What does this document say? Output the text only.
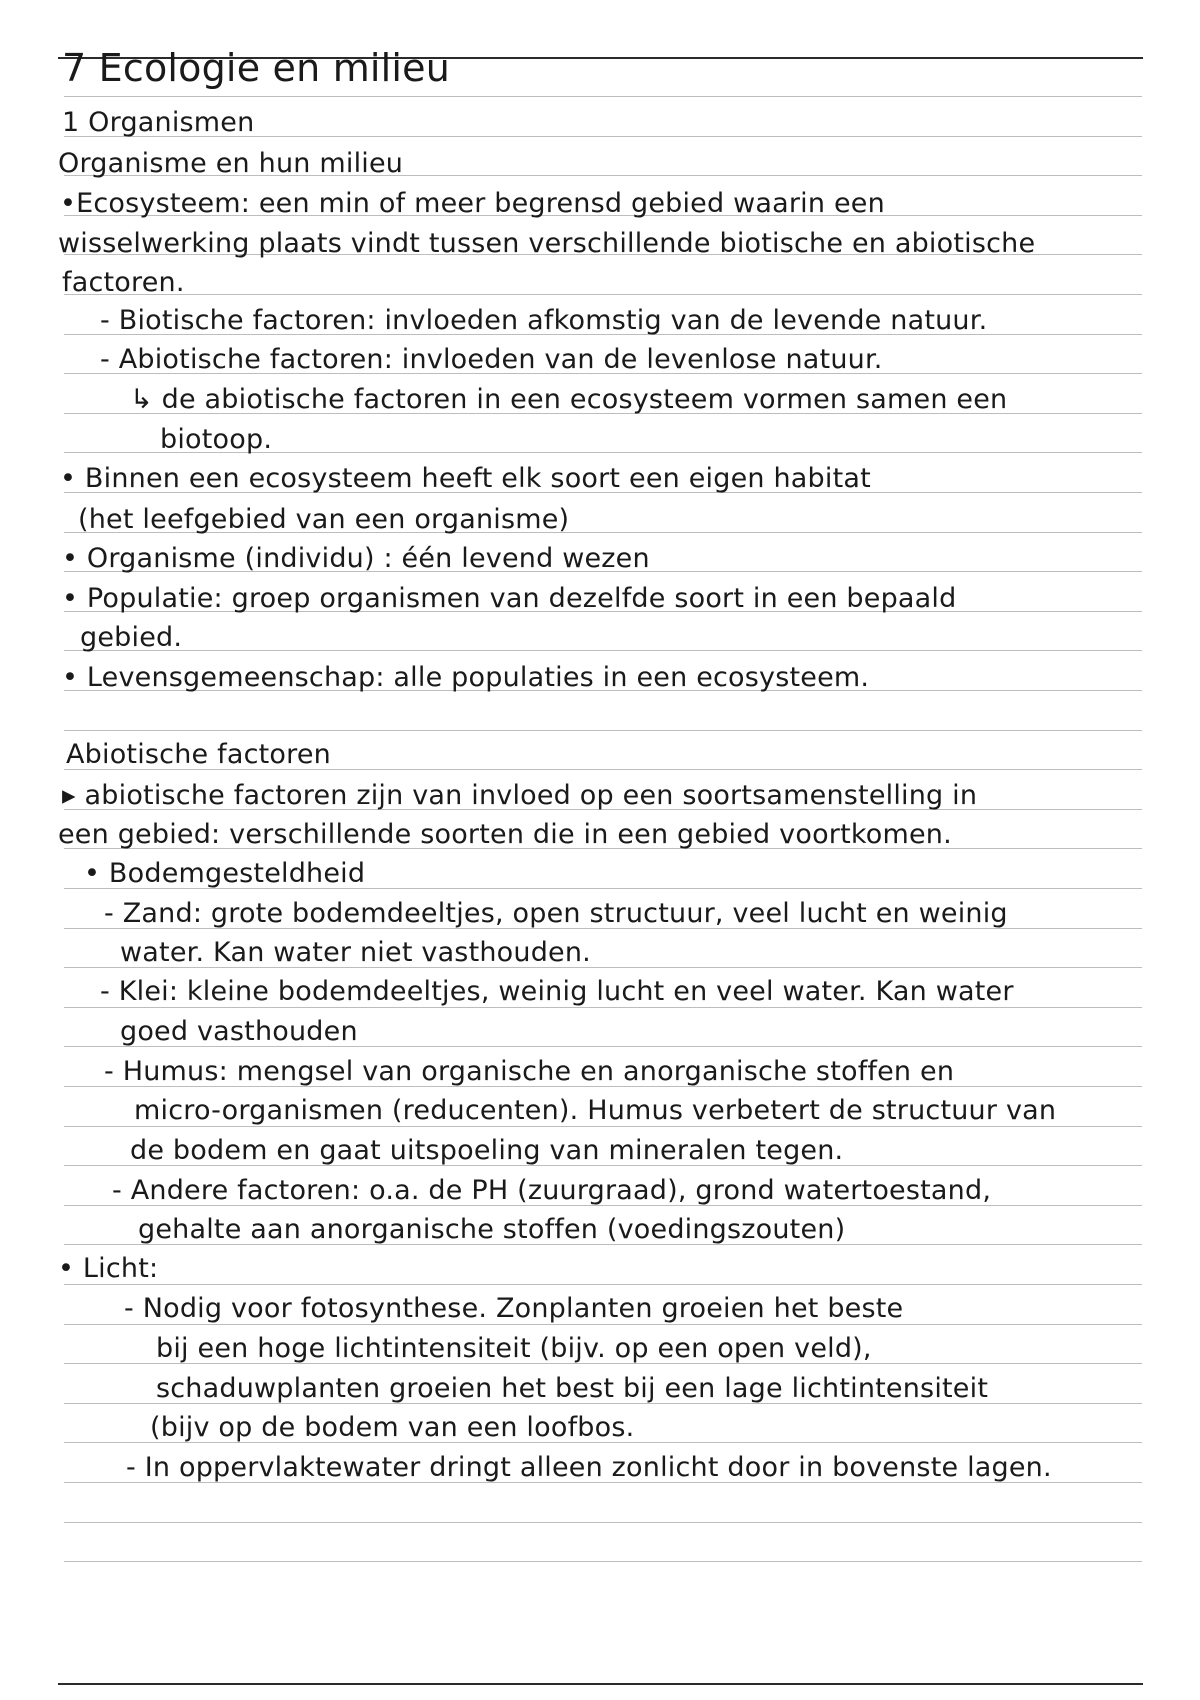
7 Ecologie en milieu
1 Organismen
Organisme en hun milieu
•Ecosysteem: een min of meer begrensd gebied waarin een
wisselwerking plaats vindt tussen verschillende biotische en abiotische
factoren.
- Biotische factoren: invloeden afkomstig van de levende natuur.
- Abiotische factoren: invloeden van de levenlose natuur.
↳ de abiotische factoren in een ecosysteem vormen samen een
biotoop.
• Binnen een ecosysteem heeft elk soort een eigen habitat
(het leefgebied van een organisme)
• Organisme (individu) : één levend wezen
• Populatie: groep organismen van dezelfde soort in een bepaald
gebied.
• Levensgemeenschap: alle populaties in een ecosysteem.
Abiotische factoren
▸ abiotische factoren zijn van invloed op een soortsamenstelling in
een gebied: verschillende soorten die in een gebied voortkomen.
• Bodemgesteldheid
- Zand: grote bodemdeeltjes, open structuur, veel lucht en weinig
water. Kan water niet vasthouden.
- Klei: kleine bodemdeeltjes, weinig lucht en veel water. Kan water
goed vasthouden
- Humus: mengsel van organische en anorganische stoffen en
micro-organismen (reducenten). Humus verbetert de structuur van
de bodem en gaat uitspoeling van mineralen tegen.
- Andere factoren: o.a. de PH (zuurgraad), grond watertoestand,
gehalte aan anorganische stoffen (voedingszouten)
• Licht:
- Nodig voor fotosynthese. Zonplanten groeien het beste
bij een hoge lichtintensiteit (bijv. op een open veld),
schaduwplanten groeien het best bij een lage lichtintensiteit
(bijv op de bodem van een loofbos.
- In oppervlaktewater dringt alleen zonlicht door in bovenste lagen.
